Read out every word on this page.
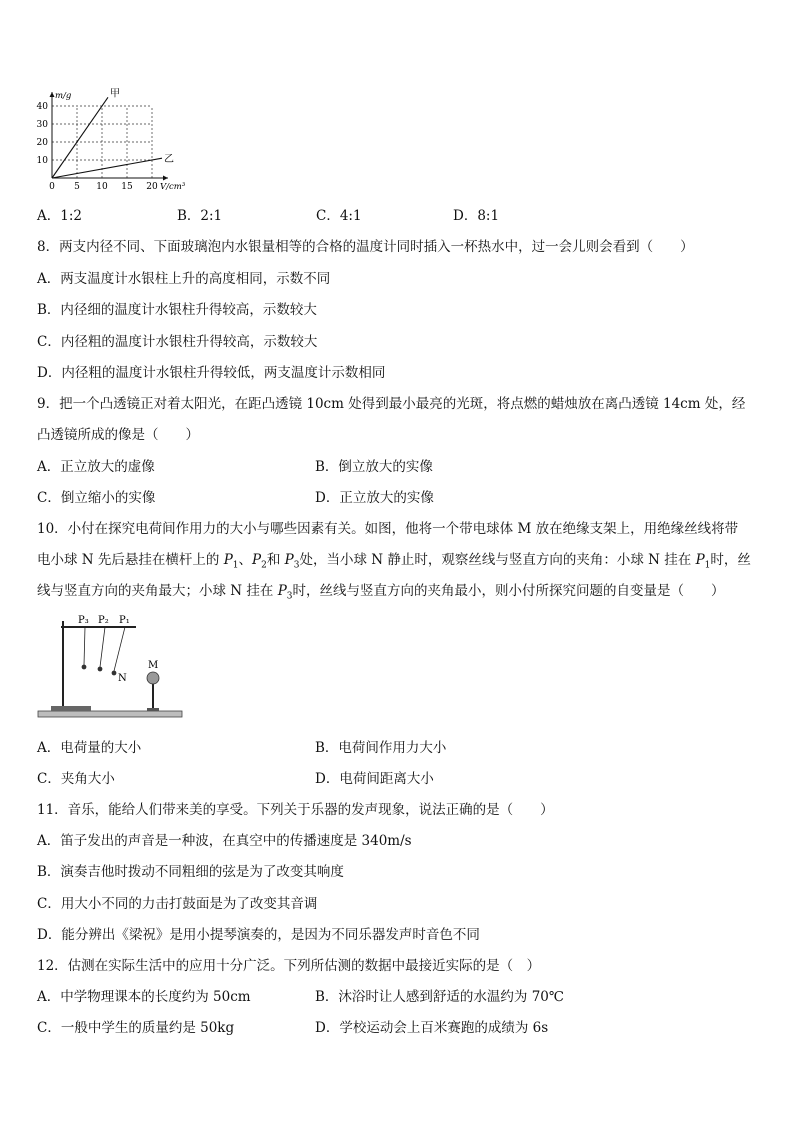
0 5 10 15 20
10
20
30
40
m/g
V/cm³
甲
乙
A．1:2	B．2:1	C．4:1	D．8:1
8．两支内径不同、下面玻璃泡内水银量相等的合格的温度计同时插入一杯热水中，过一会儿则会看到（　　）
A．两支温度计水银柱上升的高度相同，示数不同
B．内径细的温度计水银柱升得较高，示数较大
C．内径粗的温度计水银柱升得较高，示数较大
D．内径粗的温度计水银柱升得较低，两支温度计示数相同
9．把一个凸透镜正对着太阳光，在距凸透镜 10cm 处得到最小最亮的光斑，将点燃的蜡烛放在离凸透镜 14cm 处，经
凸透镜所成的像是（　　）
A．正立放大的虚像	B．倒立放大的实像
C．倒立缩小的实像	D．正立放大的实像
10．小付在探究电荷间作用力的大小与哪些因素有关。如图，他将一个带电球体 M 放在绝缘支架上，用绝缘丝线将带
电小球 N 先后悬挂在横杆上的 $P_1$、$P_2$和 $P_3$处，当小球 N 静止时，观察丝线与竖直方向的夹角：小球 N 挂在 $P_1$时，丝
线与竖直方向的夹角最大；小球 N 挂在 $P_3$时，丝线与竖直方向的夹角最小，则小付所探究问题的自变量是（　　）
P₃ P₂ P₁
N
M
A．电荷量的大小	B．电荷间作用力大小
C．夹角大小	D．电荷间距离大小
11．音乐，能给人们带来美的享受。下列关于乐器的发声现象，说法正确的是（　　）
A．笛子发出的声音是一种波，在真空中的传播速度是 340m/s
B．演奏吉他时拨动不同粗细的弦是为了改变其响度
C．用大小不同的力击打鼓面是为了改变其音调
D．能分辨出《梁祝》是用小提琴演奏的，是因为不同乐器发声时音色不同
12．估测在实际生活中的应用十分广泛。下列所估测的数据中最接近实际的是（　）
A．中学物理课本的长度约为 50cm	B．沐浴时让人感到舒适的水温约为 70℃
C．一般中学生的质量约是 50kg	D．学校运动会上百米赛跑的成绩为 6s
